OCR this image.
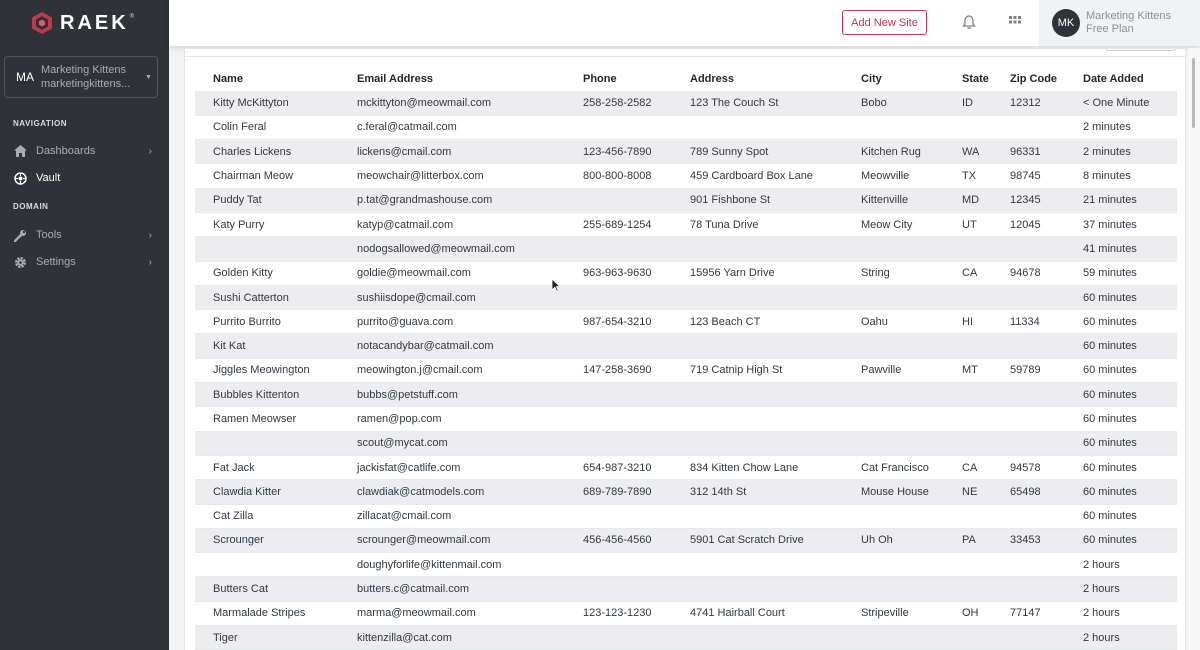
RAEK ®
MA Marketing Kittens
marketingkittens...
▼
NAVIGATION
Dashboards	›
Vault
DOMAIN
Tools	›
Settings	›
Add New Site	MK
Marketing Kittens
Free Plan
Name	Email Address	Phone	Address	City	State	Zip Code	Date Added
Kitty McKittyton	mckittyton@meowmail.com	258-258-2582	123 The Couch St	Bobo	ID	12312	< One Minute
Colin Feral	c.feral@catmail.com						2 minutes
Charles Lickens	lickens@cmail.com	123-456-7890	789 Sunny Spot	Kitchen Rug	WA	96331	2 minutes
Chairman Meow	meowchair@litterbox.com	800-800-8008	459 Cardboard Box Lane	Meowville	TX	98745	8 minutes
Puddy Tat	p.tat@grandmashouse.com		901 Fishbone St	Kittenville	MD	12345	21 minutes
Katy Purry	katyp@catmail.com	255-689-1254	78 Tuna Drive	Meow City	UT	12045	37 minutes
	nodogsallowed@meowmail.com						41 minutes
Golden Kitty	goldie@meowmail.com	963-963-9630	15956 Yarn Drive	String	CA	94678	59 minutes
Sushi Catterton	sushiisdope@cmail.com						60 minutes
Purrito Burrito	purrito@guava.com	987-654-3210	123 Beach CT	Oahu	HI	11334	60 minutes
Kit Kat	notacandybar@catmail.com						60 minutes
Jiggles Meowington	meowington.j@cmail.com	147-258-3690	719 Catnip High St	Pawville	MT	59789	60 minutes
Bubbles Kittenton	bubbs@petstuff.com						60 minutes
Ramen Meowser	ramen@pop.com						60 minutes
	scout@mycat.com						60 minutes
Fat Jack	jackisfat@catlife.com	654-987-3210	834 Kitten Chow Lane	Cat Francisco	CA	94578	60 minutes
Clawdia Kitter	clawdiak@catmodels.com	689-789-7890	312 14th St	Mouse House	NE	65498	60 minutes
Cat Zilla	zillacat@cmail.com						60 minutes
Scrounger	scrounger@meowmail.com	456-456-4560	5901 Cat Scratch Drive	Uh Oh	PA	33453	60 minutes
	doughyforlife@kittenmail.com						2 hours
Butters Cat	butters.c@catmail.com						2 hours
Marmalade Stripes	marma@meowmail.com	123-123-1230	4741 Hairball Court	Stripeville	OH	77147	2 hours
Tiger	kittenzilla@cat.com						2 hours
